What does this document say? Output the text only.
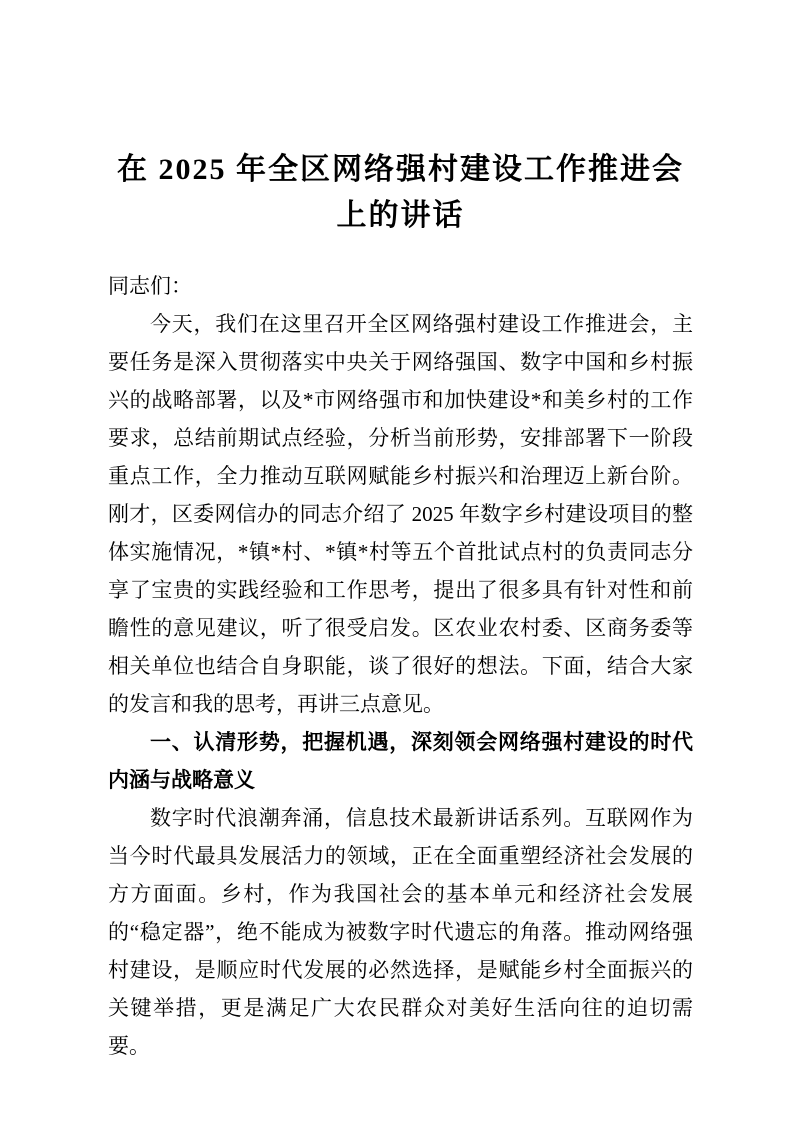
在 2025 年全区网络强村建设工作推进会
上的讲话

同志们：

今天，我们在这里召开全区网络强村建设工作推进会，主要任务是深入贯彻落实中央关于网络强国、数字中国和乡村振兴的战略部署，以及*市网络强市和加快建设*和美乡村的工作要求，总结前期试点经验，分析当前形势，安排部署下一阶段重点工作，全力推动互联网赋能乡村振兴和治理迈上新台阶。刚才，区委网信办的同志介绍了 2025 年数字乡村建设项目的整体实施情况，*镇*村、*镇*村等五个首批试点村的负责同志分享了宝贵的实践经验和工作思考，提出了很多具有针对性和前瞻性的意见建议，听了很受启发。区农业农村委、区商务委等相关单位也结合自身职能，谈了很好的想法。下面，结合大家的发言和我的思考，再讲三点意见。

一、认清形势，把握机遇，深刻领会网络强村建设的时代内涵与战略意义

数字时代浪潮奔涌，信息技术最新讲话系列。互联网作为当今时代最具发展活力的领域，正在全面重塑经济社会发展的方方面面。乡村，作为我国社会的基本单元和经济社会发展的“稳定器”，绝不能成为被数字时代遗忘的角落。推动网络强村建设，是顺应时代发展的必然选择，是赋能乡村全面振兴的关键举措，更是满足广大农民群众对美好生活向往的迫切需要。
